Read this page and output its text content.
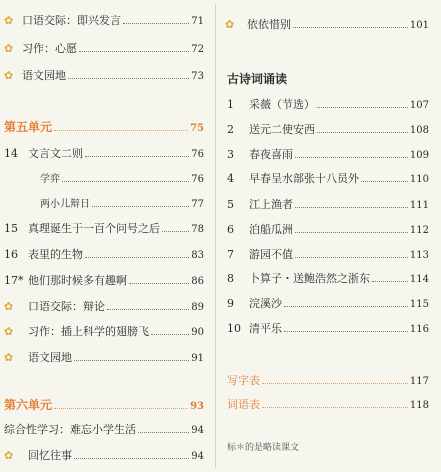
✿ 口语交际：即兴发言	71
✿ 习作：心愿	72
✿ 语文园地	73
第五单元	75
14 文言文二则	76
学弈	76
两小儿辩日	77
15 真理诞生于一百个问号之后	78
16 表里的生物	83
17* 他们那时候多有趣啊	86
✿ 口语交际：辩论	89
✿ 习作：插上科学的翅膀飞	90
✿ 语文园地	91
第六单元	93
综合性学习：难忘小学生活	94
✿ 回忆往事	94
✿ 依依惜别	101
古诗词诵读
1	采薇（节选）	107
2	送元二使安西	108
3	春夜喜雨	109
4	早春呈水部张十八员外	110
5	江上渔者	111
6	泊船瓜洲	112
7	游园不值	113
8	卜算子・送鲍浩然之浙东	114
9	浣溪沙	115
10 清平乐	116
写字表	117
词语表	118
标＊的是略读课文
